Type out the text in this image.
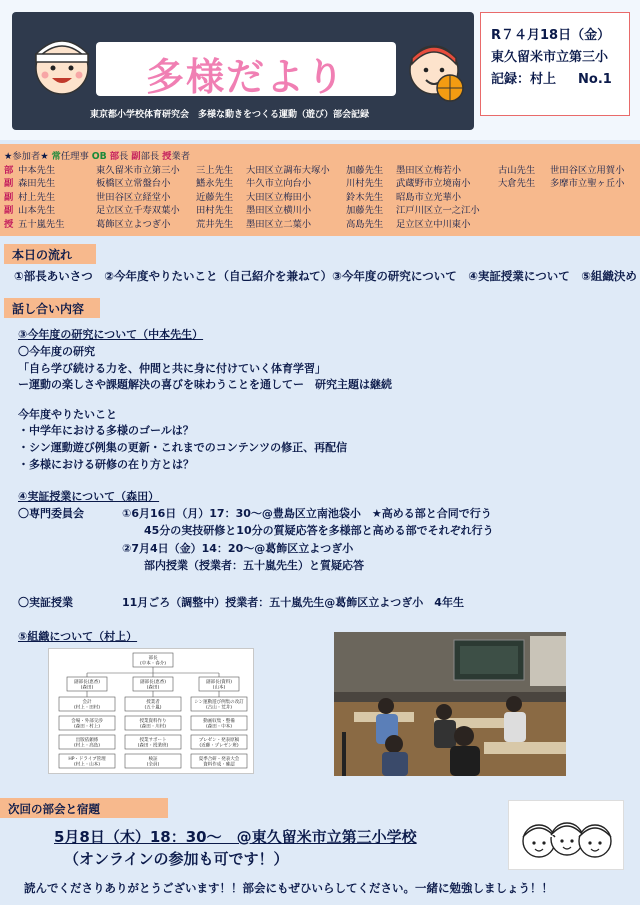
多様だより
東京都小学校体育研究会　多様な動きをつくる運動（遊び）部会記録
R７４月18日（金）
東久留米市立第三小
記録：村上 No.1
★参加者★ 常任理事 OB 部長 副部長 授業者
部 中本先生	東久留米市立第三小 三上先生 大田区立調布大塚小 加藤先生 墨田区立梅若小	古山先生 世田谷区立用賀小
副 森田先生	板橋区立常盤台小	鰭永先生 牛久市立向台小	川村先生 武蔵野市立境南小	大倉先生 多摩市立聖ヶ丘小
副 村上先生	世田谷区立経堂小	近藤先生 大田区立梅田小	鈴木先生 昭島市立光華小
副 山本先生	足立区立千寿双葉小 田村先生 墨田区立横川小	加藤先生 江戸川区立一之江小
授 五十嵐先生	葛飾区立よつぎ小	荒井先生 墨田区立二葉小	高島先生 足立区立中川東小
本日の流れ
①部長あいさつ　②今年度やりたいこと（自己紹介を兼ねて）③今年度の研究について　④実証授業について　⑤組織決め
話し合い内容
③今年度の研究について（中本先生）
〇今年度の研究
「自ら学び続ける力を、仲間と共に身に付けていく体育学習」
ー運動の楽しさや課題解決の喜びを味わうことを通してー　研究主題は継続
今年度やりたいこと
・中学年における多様のゴールは？
・シン運動遊び例集の更新・これまでのコンテンツの修正、再配信
・多様における研修の在り方とは？
④実証授業について（森田）
〇専門委員会	①6月16日（月）17：30〜@豊島区立南池袋小　★高める部と合同で行う
45分の実技研修と10分の質疑応答を多様部と高める部でそれぞれ行う
②7月4日（金）14：20〜@葛飾区立よつぎ小
部内授業（授業者：五十嵐先生）と質疑応答
〇実証授業	11月ごろ（調整中）授業者：五十嵐先生@葛飾区立よつぎ小　4年生
⑤組織について（村上）
部長
(中本・春介)
副部長(恵香)
(森田)
副部長(恵香)
(森田)
副部長(資料)
(山本)
会計
(村上・田村)
会場・外部交渉
(森田・村上)
出版依頼係
(村上・高島)
HP・ドライブ管理
(村上・山本)
授業者
(五十嵐)
授業資料作り
(森田・川村)
授業サポート
(森田・授業班)
検証
(全員)
シン運動遊び例集の改訂
(古山・荒井)
動画収集・整備
(森田・中本)
プレゼン・発表原稿
(近藤・プレゼン班)
夏季合研・発表大会
資料作成・確認
次回の部会と宿題
5月8日（木）18：30〜　@東久留米市立第三小学校
（オンラインの参加も可です！）
読んでくださりありがとうございます！！部会にもぜひいらしてください。一緒に勉強しましょう！！
